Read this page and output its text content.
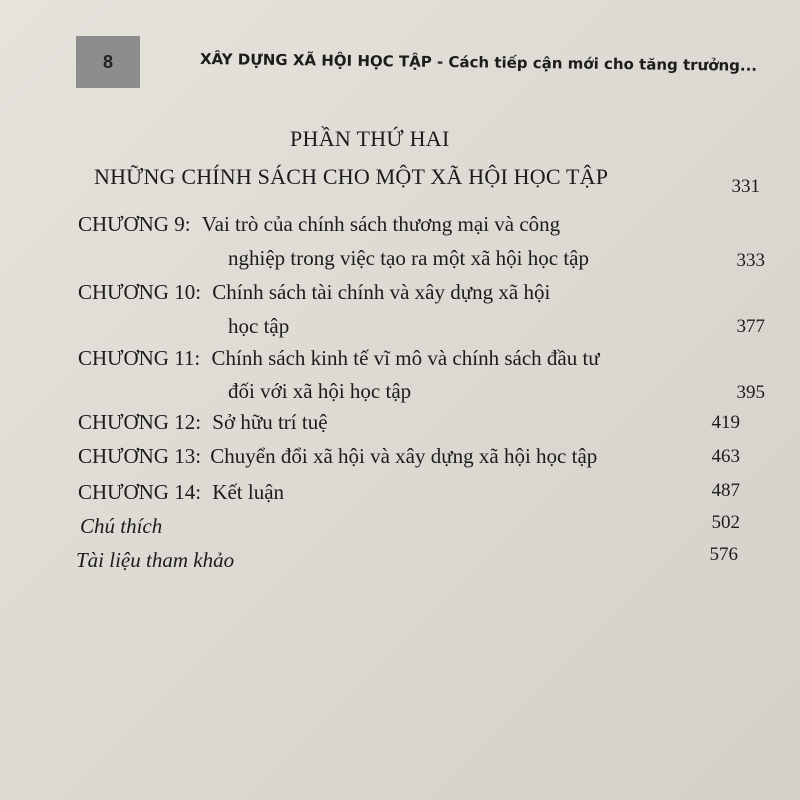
8	XÂY DỰNG XÃ HỘI HỌC TẬP - Cách tiếp cận mới cho tăng trưởng...
PHẦN THỨ HAI
NHỮNG CHÍNH SÁCH CHO MỘT XÃ HỘI HỌC TẬP	331
CHƯƠNG 9: Vai trò của chính sách thương mại và công
nghiệp trong việc tạo ra một xã hội học tập	333
CHƯƠNG 10: Chính sách tài chính và xây dựng xã hội
học tập	377
CHƯƠNG 11: Chính sách kinh tế vĩ mô và chính sách đầu tư
đối với xã hội học tập	395
CHƯƠNG 12: Sở hữu trí tuệ	419
CHƯƠNG 13: Chuyển đổi xã hội và xây dựng xã hội học tập	463
CHƯƠNG 14: Kết luận	487
Chú thích	502
Tài liệu tham khảo	576
